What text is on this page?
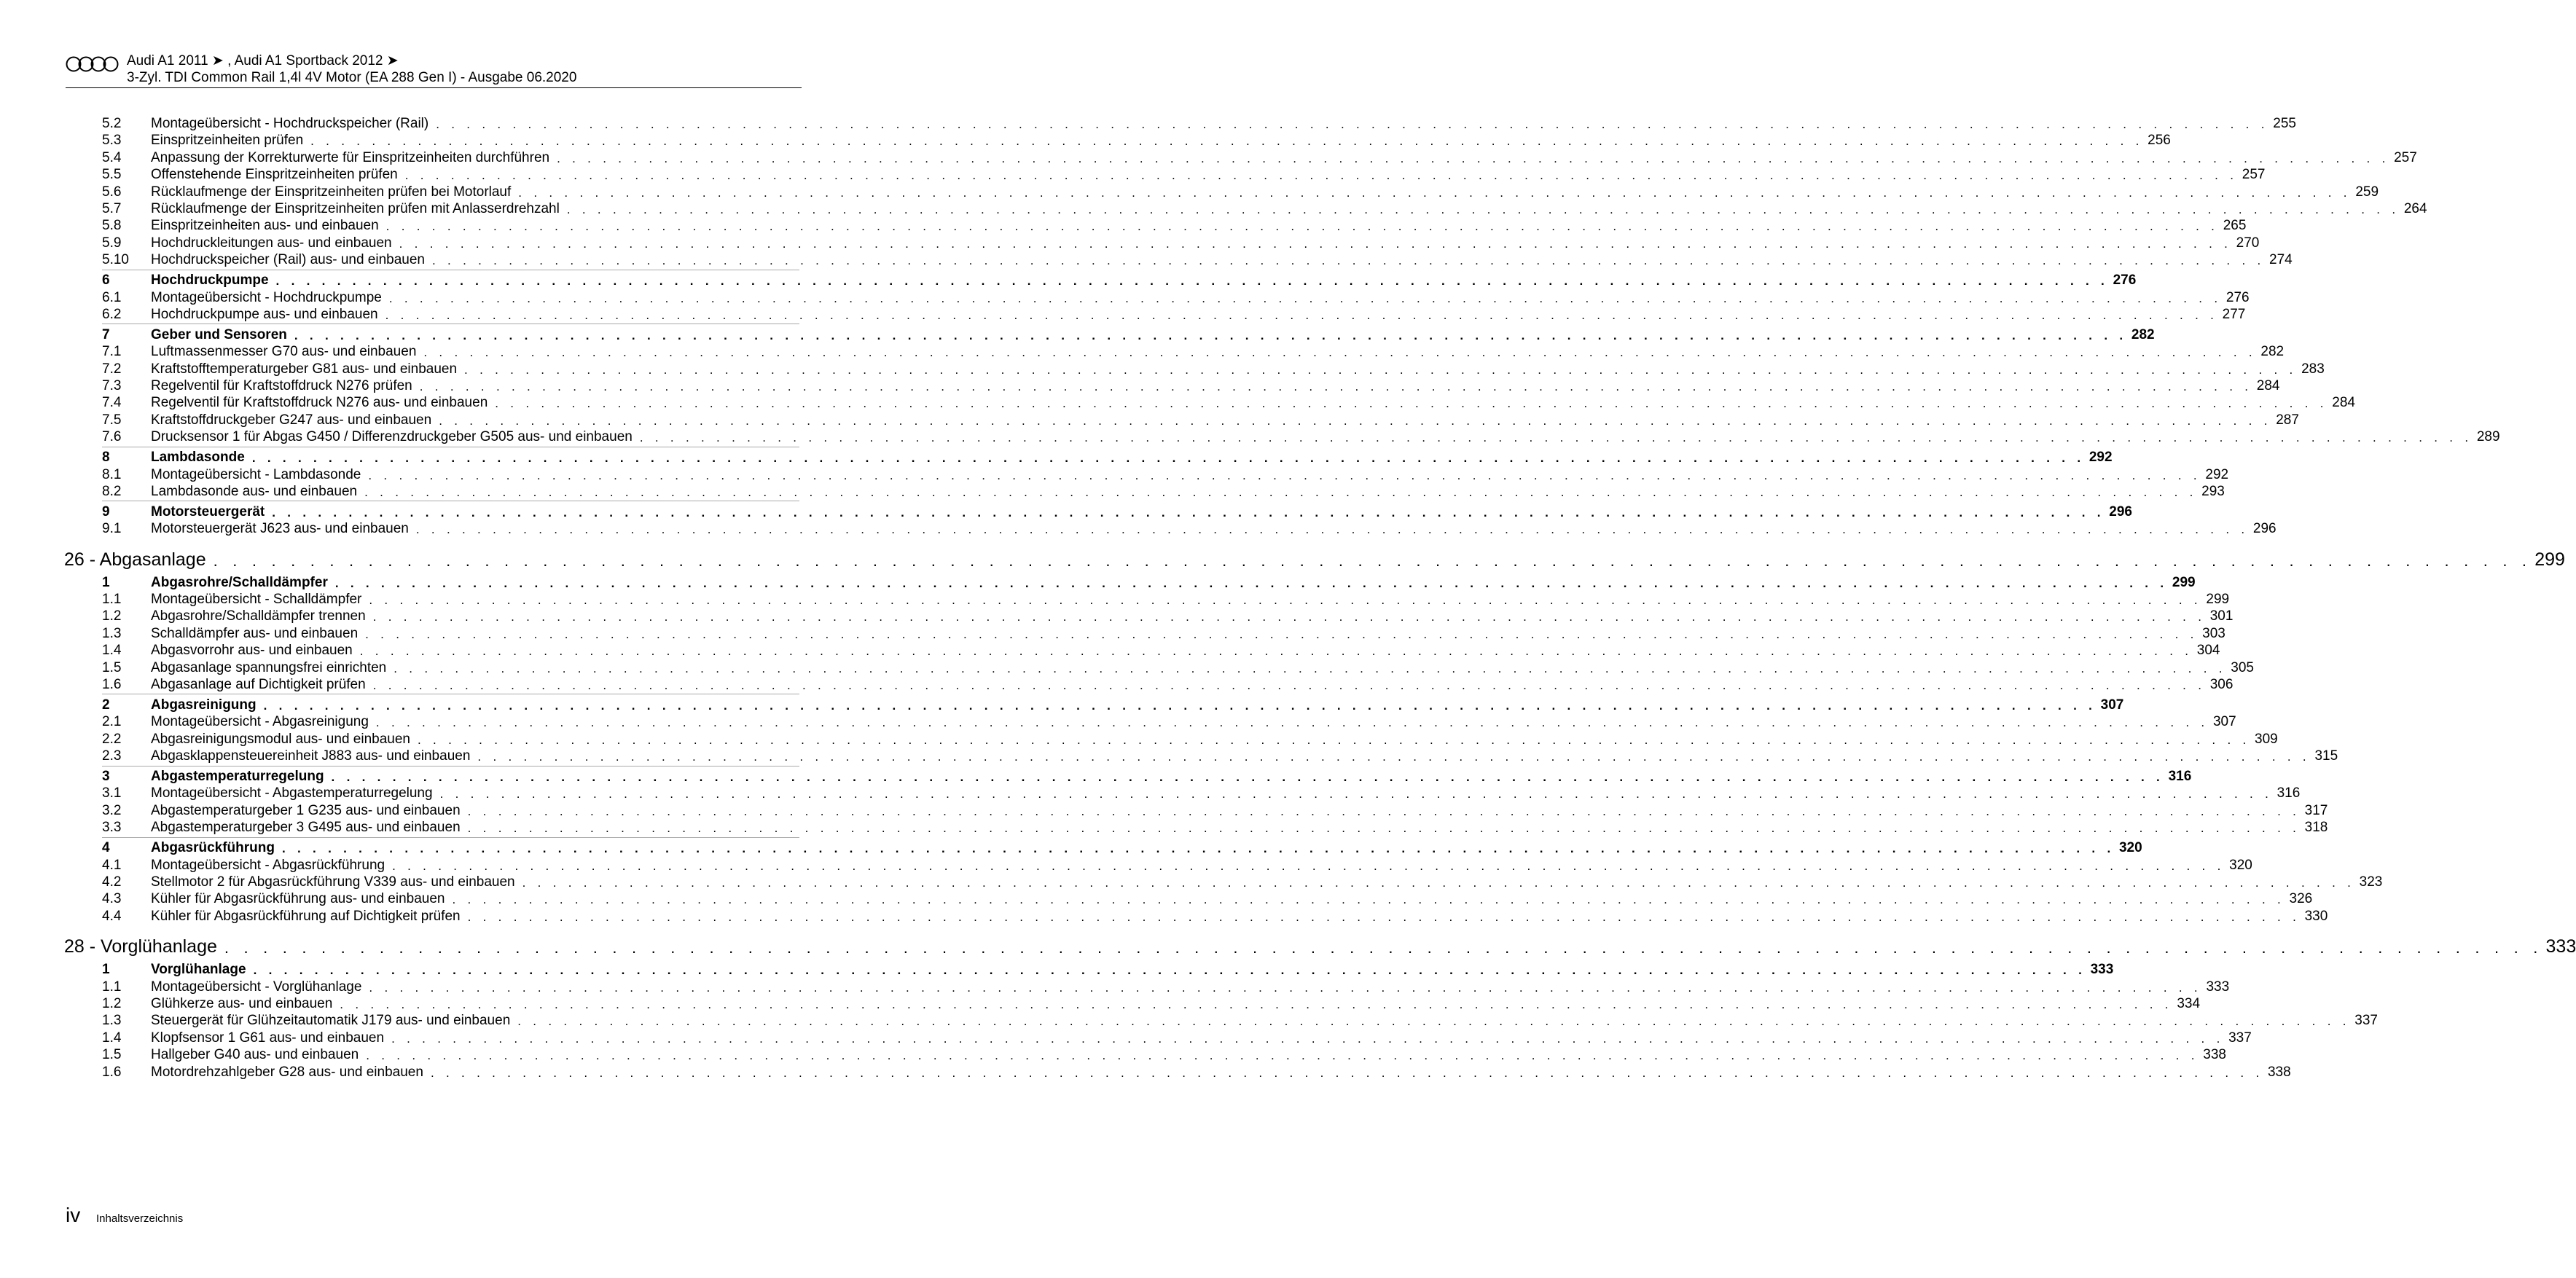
Audi A1 2011 ➤ , Audi A1 Sportback 2012 ➤
3-Zyl. TDI Common Rail 1,4l 4V Motor (EA 288 Gen I) - Ausgabe 06.2020
5.2 Montageübersicht - Hochdruckspeicher (Rail) . . . . . . . . . . . . . . . . . . . . . . . . . . . . . . . . . . . . . . . . . . . . . . . . . . . . . . . . . . . . . . . . . . . . . . . . . . . . . . . . . . . . . . . . . . . . . . . . . . . . . . . . . . . . . . . . . . . . . . . . 255
5.3 Einspritzeinheiten prüfen . . . . . . . . . . . . . . . . . . . . . . . . . . . . . . . . . . . . . . . . . . . . . . . . . . . . . . . . . . . . . . . . . . . . . . . . . . . . . . . . . . . . . . . . . . . . . . . . . . . . . . . . . . . . . . . . . . . . . . . . 256
5.4 Anpassung der Korrekturwerte für Einspritzeinheiten durchführen . . . . . . . . . . . . . . . . . . . . . . . . . . . . . . . . . . . . . . . . . . . . . . . . . . . . . . . . . . . . . . . . . . . . . . . . . . . . . . . . . . . . . . . . . . . . . . . . . . . . . . . . . . . . . . . . . . . . . . . . 257
5.5 Offenstehende Einspritzeinheiten prüfen . . . . . . . . . . . . . . . . . . . . . . . . . . . . . . . . . . . . . . . . . . . . . . . . . . . . . . . . . . . . . . . . . . . . . . . . . . . . . . . . . . . . . . . . . . . . . . . . . . . . . . . . . . . . . . . . . . . . . . . . 257
5.6 Rücklaufmenge der Einspritzeinheiten prüfen bei Motorlauf . . . . . . . . . . . . . . . . . . . . . . . . . . . . . . . . . . . . . . . . . . . . . . . . . . . . . . . . . . . . . . . . . . . . . . . . . . . . . . . . . . . . . . . . . . . . . . . . . . . . . . . . . . . . . . . . . . . . . . . . 259
5.7 Rücklaufmenge der Einspritzeinheiten prüfen mit Anlasserdrehzahl . . . . . . . . . . . . . . . . . . . . . . . . . . . . . . . . . . . . . . . . . . . . . . . . . . . . . . . . . . . . . . . . . . . . . . . . . . . . . . . . . . . . . . . . . . . . . . . . . . . . . . . . . . . . . . . . . . . . . . . . 264
5.8 Einspritzeinheiten aus- und einbauen . . . . . . . . . . . . . . . . . . . . . . . . . . . . . . . . . . . . . . . . . . . . . . . . . . . . . . . . . . . . . . . . . . . . . . . . . . . . . . . . . . . . . . . . . . . . . . . . . . . . . . . . . . . . . . . . . . . . . . . . 265
5.9 Hochdruckleitungen aus- und einbauen . . . . . . . . . . . . . . . . . . . . . . . . . . . . . . . . . . . . . . . . . . . . . . . . . . . . . . . . . . . . . . . . . . . . . . . . . . . . . . . . . . . . . . . . . . . . . . . . . . . . . . . . . . . . . . . . . . . . . . . . 270
5.10 Hochdruckspeicher (Rail) aus- und einbauen . . . . . . . . . . . . . . . . . . . . . . . . . . . . . . . . . . . . . . . . . . . . . . . . . . . . . . . . . . . . . . . . . . . . . . . . . . . . . . . . . . . . . . . . . . . . . . . . . . . . . . . . . . . . . . . . . . . . . . . . 274
6	Hochdruckpumpe . . . . . . . . . . . . . . . . . . . . . . . . . . . . . . . . . . . . . . . . . . . . . . . . . . . . . . . . . . . . . . . . . . . . . . . . . . . . . . . . . . . . . . . . . . . . . . . . . . . . . . . . . . . . . . . . . . . . . . . . 276
6.1 Montageübersicht - Hochdruckpumpe . . . . . . . . . . . . . . . . . . . . . . . . . . . . . . . . . . . . . . . . . . . . . . . . . . . . . . . . . . . . . . . . . . . . . . . . . . . . . . . . . . . . . . . . . . . . . . . . . . . . . . . . . . . . . . . . . . . . . . . . 276
6.2 Hochdruckpumpe aus- und einbauen . . . . . . . . . . . . . . . . . . . . . . . . . . . . . . . . . . . . . . . . . . . . . . . . . . . . . . . . . . . . . . . . . . . . . . . . . . . . . . . . . . . . . . . . . . . . . . . . . . . . . . . . . . . . . . . . . . . . . . . . 277
7	Geber und Sensoren . . . . . . . . . . . . . . . . . . . . . . . . . . . . . . . . . . . . . . . . . . . . . . . . . . . . . . . . . . . . . . . . . . . . . . . . . . . . . . . . . . . . . . . . . . . . . . . . . . . . . . . . . . . . . . . . . . . . . . . . 282
7.1 Luftmassenmesser G70 aus- und einbauen . . . . . . . . . . . . . . . . . . . . . . . . . . . . . . . . . . . . . . . . . . . . . . . . . . . . . . . . . . . . . . . . . . . . . . . . . . . . . . . . . . . . . . . . . . . . . . . . . . . . . . . . . . . . . . . . . . . . . . . . 282
7.2 Kraftstofftemperaturgeber G81 aus- und einbauen . . . . . . . . . . . . . . . . . . . . . . . . . . . . . . . . . . . . . . . . . . . . . . . . . . . . . . . . . . . . . . . . . . . . . . . . . . . . . . . . . . . . . . . . . . . . . . . . . . . . . . . . . . . . . . . . . . . . . . . . 283
7.3 Regelventil für Kraftstoffdruck N276 prüfen . . . . . . . . . . . . . . . . . . . . . . . . . . . . . . . . . . . . . . . . . . . . . . . . . . . . . . . . . . . . . . . . . . . . . . . . . . . . . . . . . . . . . . . . . . . . . . . . . . . . . . . . . . . . . . . . . . . . . . . . 284
7.4 Regelventil für Kraftstoffdruck N276 aus- und einbauen . . . . . . . . . . . . . . . . . . . . . . . . . . . . . . . . . . . . . . . . . . . . . . . . . . . . . . . . . . . . . . . . . . . . . . . . . . . . . . . . . . . . . . . . . . . . . . . . . . . . . . . . . . . . . . . . . . . . . . . . 284
7.5 Kraftstoffdruckgeber G247 aus- und einbauen . . . . . . . . . . . . . . . . . . . . . . . . . . . . . . . . . . . . . . . . . . . . . . . . . . . . . . . . . . . . . . . . . . . . . . . . . . . . . . . . . . . . . . . . . . . . . . . . . . . . . . . . . . . . . . . . . . . . . . . . 287
7.6 Drucksensor 1 für Abgas G450 / Differenzdruckgeber G505 aus- und einbauen . . . . . . . . . . . . . . . . . . . . . . . . . . . . . . . . . . . . . . . . . . . . . . . . . . . . . . . . . . . . . . . . . . . . . . . . . . . . . . . . . . . . . . . . . . . . . . . . . . . . . . . . . . . . . . . . . . . . . . . . 289
8	Lambdasonde . . . . . . . . . . . . . . . . . . . . . . . . . . . . . . . . . . . . . . . . . . . . . . . . . . . . . . . . . . . . . . . . . . . . . . . . . . . . . . . . . . . . . . . . . . . . . . . . . . . . . . . . . . . . . . . . . . . . . . . . 292
8.1 Montageübersicht - Lambdasonde . . . . . . . . . . . . . . . . . . . . . . . . . . . . . . . . . . . . . . . . . . . . . . . . . . . . . . . . . . . . . . . . . . . . . . . . . . . . . . . . . . . . . . . . . . . . . . . . . . . . . . . . . . . . . . . . . . . . . . . . 292
8.2 Lambdasonde aus- und einbauen . . . . . . . . . . . . . . . . . . . . . . . . . . . . . . . . . . . . . . . . . . . . . . . . . . . . . . . . . . . . . . . . . . . . . . . . . . . . . . . . . . . . . . . . . . . . . . . . . . . . . . . . . . . . . . . . . . . . . . . . 293
9	Motorsteuergerät . . . . . . . . . . . . . . . . . . . . . . . . . . . . . . . . . . . . . . . . . . . . . . . . . . . . . . . . . . . . . . . . . . . . . . . . . . . . . . . . . . . . . . . . . . . . . . . . . . . . . . . . . . . . . . . . . . . . . . . . 296
9.1 Motorsteuergerät J623 aus- und einbauen . . . . . . . . . . . . . . . . . . . . . . . . . . . . . . . . . . . . . . . . . . . . . . . . . . . . . . . . . . . . . . . . . . . . . . . . . . . . . . . . . . . . . . . . . . . . . . . . . . . . . . . . . . . . . . . . . . . . . . . . 296
26 - Abgasanlage . . . . . . . . . . . . . . . . . . . . . . . . . . . . . . . . . . . . . . . . . . . . . . . . . . . . . . . . . . . . . . . . . . . . . . . . . . . . . . . . . . . . . . . . . . . . . . . . . . . . . . . . . . . . . . . . . . . . . . . . 299
1	Abgasrohre/Schalldämpfer . . . . . . . . . . . . . . . . . . . . . . . . . . . . . . . . . . . . . . . . . . . . . . . . . . . . . . . . . . . . . . . . . . . . . . . . . . . . . . . . . . . . . . . . . . . . . . . . . . . . . . . . . . . . . . . . . . . . . . . . 299
1.1 Montageübersicht - Schalldämpfer . . . . . . . . . . . . . . . . . . . . . . . . . . . . . . . . . . . . . . . . . . . . . . . . . . . . . . . . . . . . . . . . . . . . . . . . . . . . . . . . . . . . . . . . . . . . . . . . . . . . . . . . . . . . . . . . . . . . . . . . 299
1.2 Abgasrohre/Schalldämpfer trennen . . . . . . . . . . . . . . . . . . . . . . . . . . . . . . . . . . . . . . . . . . . . . . . . . . . . . . . . . . . . . . . . . . . . . . . . . . . . . . . . . . . . . . . . . . . . . . . . . . . . . . . . . . . . . . . . . . . . . . . . 301
1.3 Schalldämpfer aus- und einbauen . . . . . . . . . . . . . . . . . . . . . . . . . . . . . . . . . . . . . . . . . . . . . . . . . . . . . . . . . . . . . . . . . . . . . . . . . . . . . . . . . . . . . . . . . . . . . . . . . . . . . . . . . . . . . . . . . . . . . . . . 303
1.4 Abgasvorrohr aus- und einbauen . . . . . . . . . . . . . . . . . . . . . . . . . . . . . . . . . . . . . . . . . . . . . . . . . . . . . . . . . . . . . . . . . . . . . . . . . . . . . . . . . . . . . . . . . . . . . . . . . . . . . . . . . . . . . . . . . . . . . . . . 304
1.5 Abgasanlage spannungsfrei einrichten . . . . . . . . . . . . . . . . . . . . . . . . . . . . . . . . . . . . . . . . . . . . . . . . . . . . . . . . . . . . . . . . . . . . . . . . . . . . . . . . . . . . . . . . . . . . . . . . . . . . . . . . . . . . . . . . . . . . . . . . 305
1.6 Abgasanlage auf Dichtigkeit prüfen . . . . . . . . . . . . . . . . . . . . . . . . . . . . . . . . . . . . . . . . . . . . . . . . . . . . . . . . . . . . . . . . . . . . . . . . . . . . . . . . . . . . . . . . . . . . . . . . . . . . . . . . . . . . . . . . . . . . . . . . 306
2	Abgasreinigung . . . . . . . . . . . . . . . . . . . . . . . . . . . . . . . . . . . . . . . . . . . . . . . . . . . . . . . . . . . . . . . . . . . . . . . . . . . . . . . . . . . . . . . . . . . . . . . . . . . . . . . . . . . . . . . . . . . . . . . . 307
2.1 Montageübersicht - Abgasreinigung . . . . . . . . . . . . . . . . . . . . . . . . . . . . . . . . . . . . . . . . . . . . . . . . . . . . . . . . . . . . . . . . . . . . . . . . . . . . . . . . . . . . . . . . . . . . . . . . . . . . . . . . . . . . . . . . . . . . . . . . 307
2.2 Abgasreinigungsmodul aus- und einbauen . . . . . . . . . . . . . . . . . . . . . . . . . . . . . . . . . . . . . . . . . . . . . . . . . . . . . . . . . . . . . . . . . . . . . . . . . . . . . . . . . . . . . . . . . . . . . . . . . . . . . . . . . . . . . . . . . . . . . . . . 309
2.3 Abgasklappensteuereinheit J883 aus- und einbauen . . . . . . . . . . . . . . . . . . . . . . . . . . . . . . . . . . . . . . . . . . . . . . . . . . . . . . . . . . . . . . . . . . . . . . . . . . . . . . . . . . . . . . . . . . . . . . . . . . . . . . . . . . . . . . . . . . . . . . . . 315
3	Abgastemperaturregelung . . . . . . . . . . . . . . . . . . . . . . . . . . . . . . . . . . . . . . . . . . . . . . . . . . . . . . . . . . . . . . . . . . . . . . . . . . . . . . . . . . . . . . . . . . . . . . . . . . . . . . . . . . . . . . . . . . . . . . . . 316
3.1 Montageübersicht - Abgastemperaturregelung . . . . . . . . . . . . . . . . . . . . . . . . . . . . . . . . . . . . . . . . . . . . . . . . . . . . . . . . . . . . . . . . . . . . . . . . . . . . . . . . . . . . . . . . . . . . . . . . . . . . . . . . . . . . . . . . . . . . . . . . 316
3.2 Abgastemperaturgeber 1 G235 aus- und einbauen . . . . . . . . . . . . . . . . . . . . . . . . . . . . . . . . . . . . . . . . . . . . . . . . . . . . . . . . . . . . . . . . . . . . . . . . . . . . . . . . . . . . . . . . . . . . . . . . . . . . . . . . . . . . . . . . . . . . . . . . 317
3.3 Abgastemperaturgeber 3 G495 aus- und einbauen . . . . . . . . . . . . . . . . . . . . . . . . . . . . . . . . . . . . . . . . . . . . . . . . . . . . . . . . . . . . . . . . . . . . . . . . . . . . . . . . . . . . . . . . . . . . . . . . . . . . . . . . . . . . . . . . . . . . . . . . 318
4	Abgasrückführung . . . . . . . . . . . . . . . . . . . . . . . . . . . . . . . . . . . . . . . . . . . . . . . . . . . . . . . . . . . . . . . . . . . . . . . . . . . . . . . . . . . . . . . . . . . . . . . . . . . . . . . . . . . . . . . . . . . . . . . . 320
4.1 Montageübersicht - Abgasrückführung . . . . . . . . . . . . . . . . . . . . . . . . . . . . . . . . . . . . . . . . . . . . . . . . . . . . . . . . . . . . . . . . . . . . . . . . . . . . . . . . . . . . . . . . . . . . . . . . . . . . . . . . . . . . . . . . . . . . . . . . 320
4.2 Stellmotor 2 für Abgasrückführung V339 aus- und einbauen . . . . . . . . . . . . . . . . . . . . . . . . . . . . . . . . . . . . . . . . . . . . . . . . . . . . . . . . . . . . . . . . . . . . . . . . . . . . . . . . . . . . . . . . . . . . . . . . . . . . . . . . . . . . . . . . . . . . . . . . 323
4.3 Kühler für Abgasrückführung aus- und einbauen . . . . . . . . . . . . . . . . . . . . . . . . . . . . . . . . . . . . . . . . . . . . . . . . . . . . . . . . . . . . . . . . . . . . . . . . . . . . . . . . . . . . . . . . . . . . . . . . . . . . . . . . . . . . . . . . . . . . . . . . 326
4.4 Kühler für Abgasrückführung auf Dichtigkeit prüfen . . . . . . . . . . . . . . . . . . . . . . . . . . . . . . . . . . . . . . . . . . . . . . . . . . . . . . . . . . . . . . . . . . . . . . . . . . . . . . . . . . . . . . . . . . . . . . . . . . . . . . . . . . . . . . . . . . . . . . . . 330
28 - Vorglühanlage . . . . . . . . . . . . . . . . . . . . . . . . . . . . . . . . . . . . . . . . . . . . . . . . . . . . . . . . . . . . . . . . . . . . . . . . . . . . . . . . . . . . . . . . . . . . . . . . . . . . . . . . . . . . . . . . . . . . . . . . 333
1	Vorglühanlage . . . . . . . . . . . . . . . . . . . . . . . . . . . . . . . . . . . . . . . . . . . . . . . . . . . . . . . . . . . . . . . . . . . . . . . . . . . . . . . . . . . . . . . . . . . . . . . . . . . . . . . . . . . . . . . . . . . . . . . . 333
1.1 Montageübersicht - Vorglühanlage . . . . . . . . . . . . . . . . . . . . . . . . . . . . . . . . . . . . . . . . . . . . . . . . . . . . . . . . . . . . . . . . . . . . . . . . . . . . . . . . . . . . . . . . . . . . . . . . . . . . . . . . . . . . . . . . . . . . . . . . 333
1.2 Glühkerze aus- und einbauen . . . . . . . . . . . . . . . . . . . . . . . . . . . . . . . . . . . . . . . . . . . . . . . . . . . . . . . . . . . . . . . . . . . . . . . . . . . . . . . . . . . . . . . . . . . . . . . . . . . . . . . . . . . . . . . . . . . . . . . . 334
1.3 Steuergerät für Glühzeitautomatik J179 aus- und einbauen . . . . . . . . . . . . . . . . . . . . . . . . . . . . . . . . . . . . . . . . . . . . . . . . . . . . . . . . . . . . . . . . . . . . . . . . . . . . . . . . . . . . . . . . . . . . . . . . . . . . . . . . . . . . . . . . . . . . . . . . 337
1.4 Klopfsensor 1 G61 aus- und einbauen . . . . . . . . . . . . . . . . . . . . . . . . . . . . . . . . . . . . . . . . . . . . . . . . . . . . . . . . . . . . . . . . . . . . . . . . . . . . . . . . . . . . . . . . . . . . . . . . . . . . . . . . . . . . . . . . . . . . . . . . 337
1.5 Hallgeber G40 aus- und einbauen . . . . . . . . . . . . . . . . . . . . . . . . . . . . . . . . . . . . . . . . . . . . . . . . . . . . . . . . . . . . . . . . . . . . . . . . . . . . . . . . . . . . . . . . . . . . . . . . . . . . . . . . . . . . . . . . . . . . . . . . 338
1.6 Motordrehzahlgeber G28 aus- und einbauen . . . . . . . . . . . . . . . . . . . . . . . . . . . . . . . . . . . . . . . . . . . . . . . . . . . . . . . . . . . . . . . . . . . . . . . . . . . . . . . . . . . . . . . . . . . . . . . . . . . . . . . . . . . . . . . . . . . . . . . . 338
iv Inhaltsverzeichnis
